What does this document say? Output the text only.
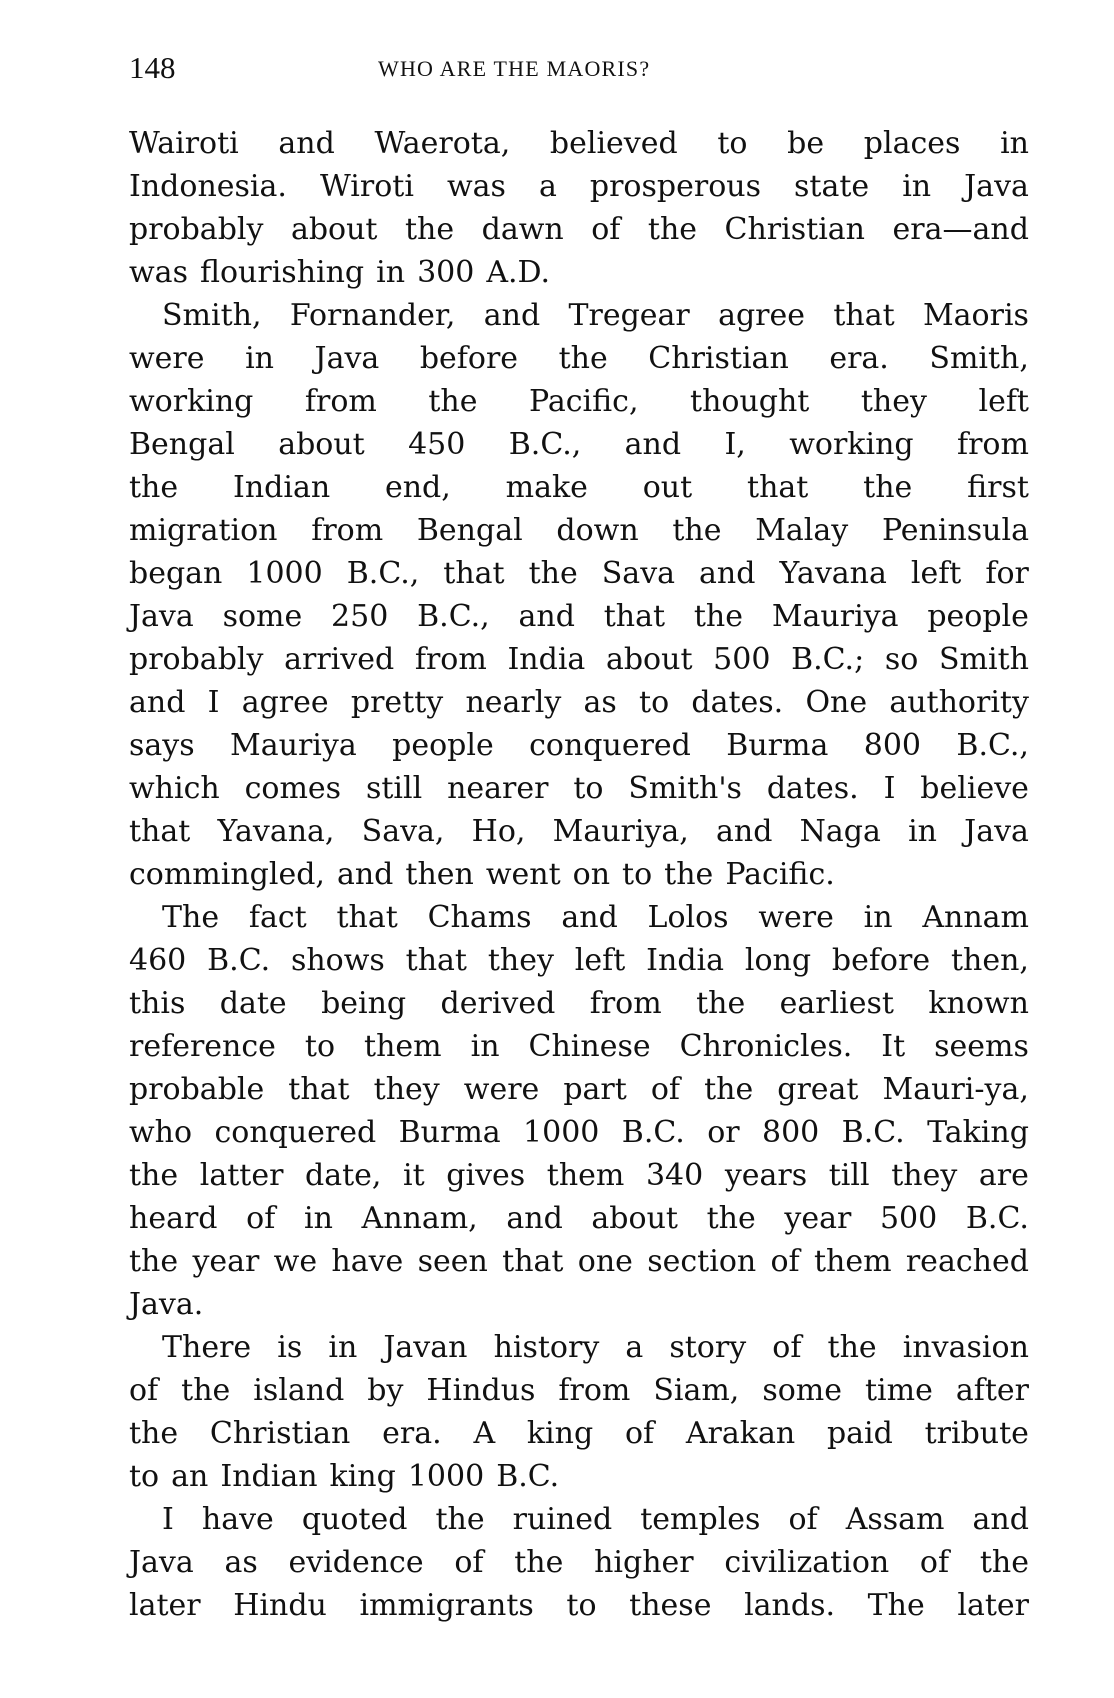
148	WHO ARE THE MAORIS?
Wairoti and Waerota, believed to be places in
Indonesia. Wiroti was a prosperous state in Java
probably about the dawn of the Christian era—and
was flourishing in 300 A.D.
Smith, Fornander, and Tregear agree that Maoris
were in Java before the Christian era. Smith,
working from the Pacific, thought they left
Bengal about 450 B.C., and I, working from
the Indian end, make out that the first
migration from Bengal down the Malay Peninsula
began 1000 B.C., that the Sava and Yavana left for
Java some 250 B.C., and that the Mauriya people
probably arrived from India about 500 B.C.; so Smith
and I agree pretty nearly as to dates. One authority
says Mauriya people conquered Burma 800 B.C.,
which comes still nearer to Smith's dates. I believe
that Yavana, Sava, Ho, Mauriya, and Naga in Java
commingled, and then went on to the Pacific.
The fact that Chams and Lolos were in Annam
460 B.C. shows that they left India long before then,
this date being derived from the earliest known
reference to them in Chinese Chronicles. It seems
probable that they were part of the great Mauri-ya,
who conquered Burma 1000 B.C. or 800 B.C. Taking
the latter date, it gives them 340 years till they are
heard of in Annam, and about the year 500 B.C.
the year we have seen that one section of them reached
Java.
There is in Javan history a story of the invasion
of the island by Hindus from Siam, some time after
the Christian era. A king of Arakan paid tribute
to an Indian king 1000 B.C.
I have quoted the ruined temples of Assam and
Java as evidence of the higher civilization of the
later Hindu immigrants to these lands. The later
